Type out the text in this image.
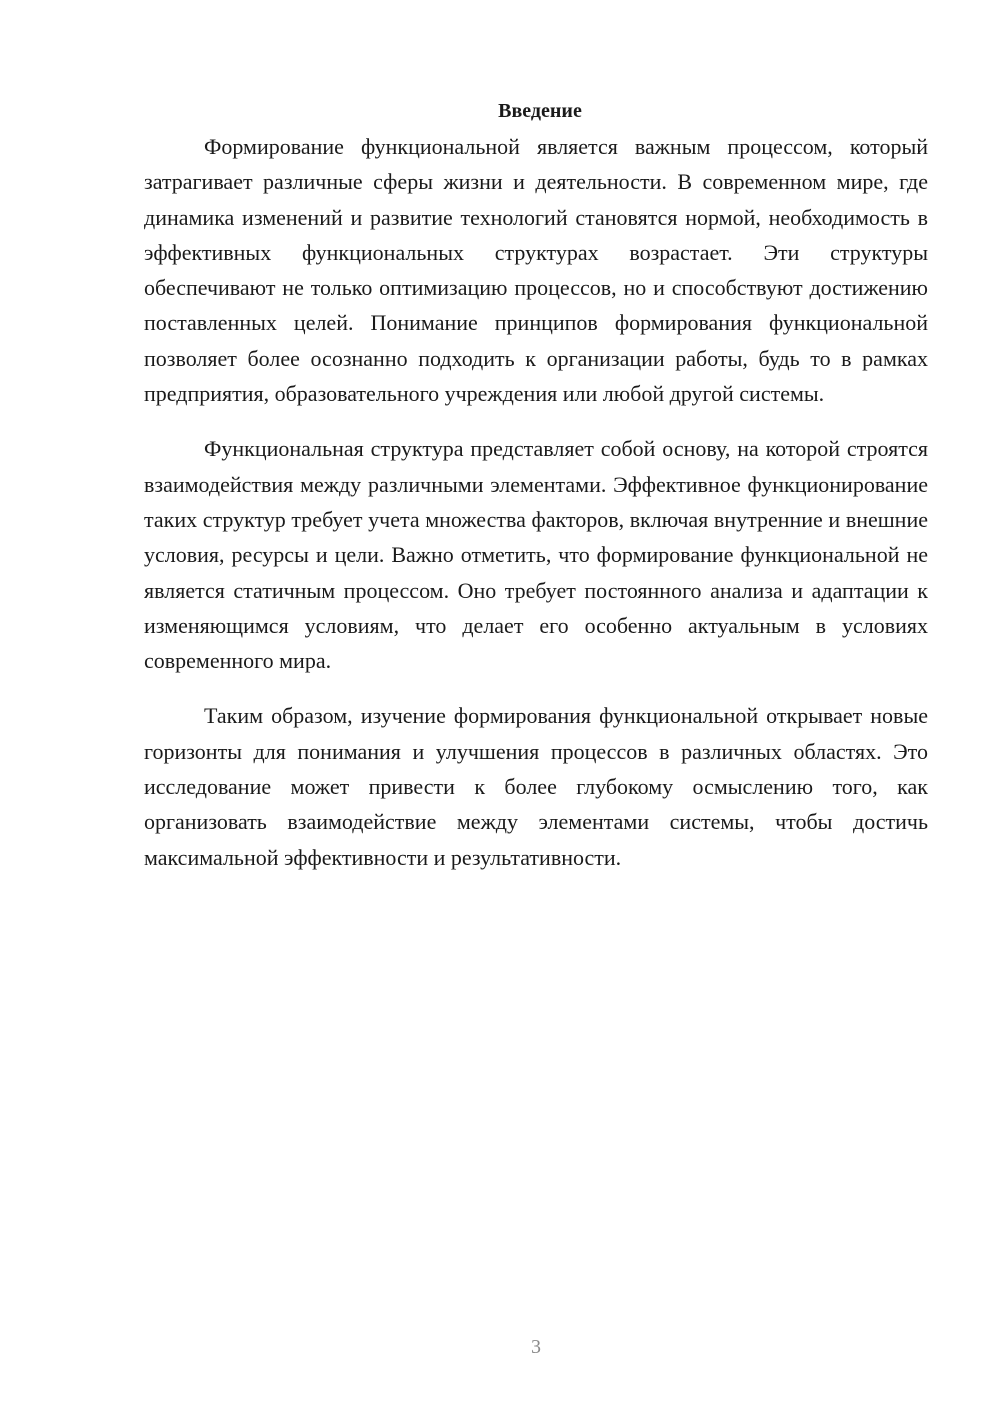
Введение

Формирование функциональной является важным процессом, который затрагивает различные сферы жизни и деятельности. В современном мире, где динамика изменений и развитие технологий становятся нормой, необходимость в эффективных функциональных структурах возрастает. Эти структуры обеспечивают не только оптимизацию процессов, но и способствуют достижению поставленных целей. Понимание принципов формирования функциональной позволяет более осознанно подходить к организации работы, будь то в рамках предприятия, образовательного учреждения или любой другой системы.

Функциональная структура представляет собой основу, на которой строятся взаимодействия между различными элементами. Эффективное функционирование таких структур требует учета множества факторов, включая внутренние и внешние условия, ресурсы и цели. Важно отметить, что формирование функциональной не является статичным процессом. Оно требует постоянного анализа и адаптации к изменяющимся условиям, что делает его особенно актуальным в условиях современного мира.

Таким образом, изучение формирования функциональной открывает новые горизонты для понимания и улучшения процессов в различных областях. Это исследование может привести к более глубокому осмыслению того, как организовать взаимодействие между элементами системы, чтобы достичь максимальной эффективности и результативности.

3
